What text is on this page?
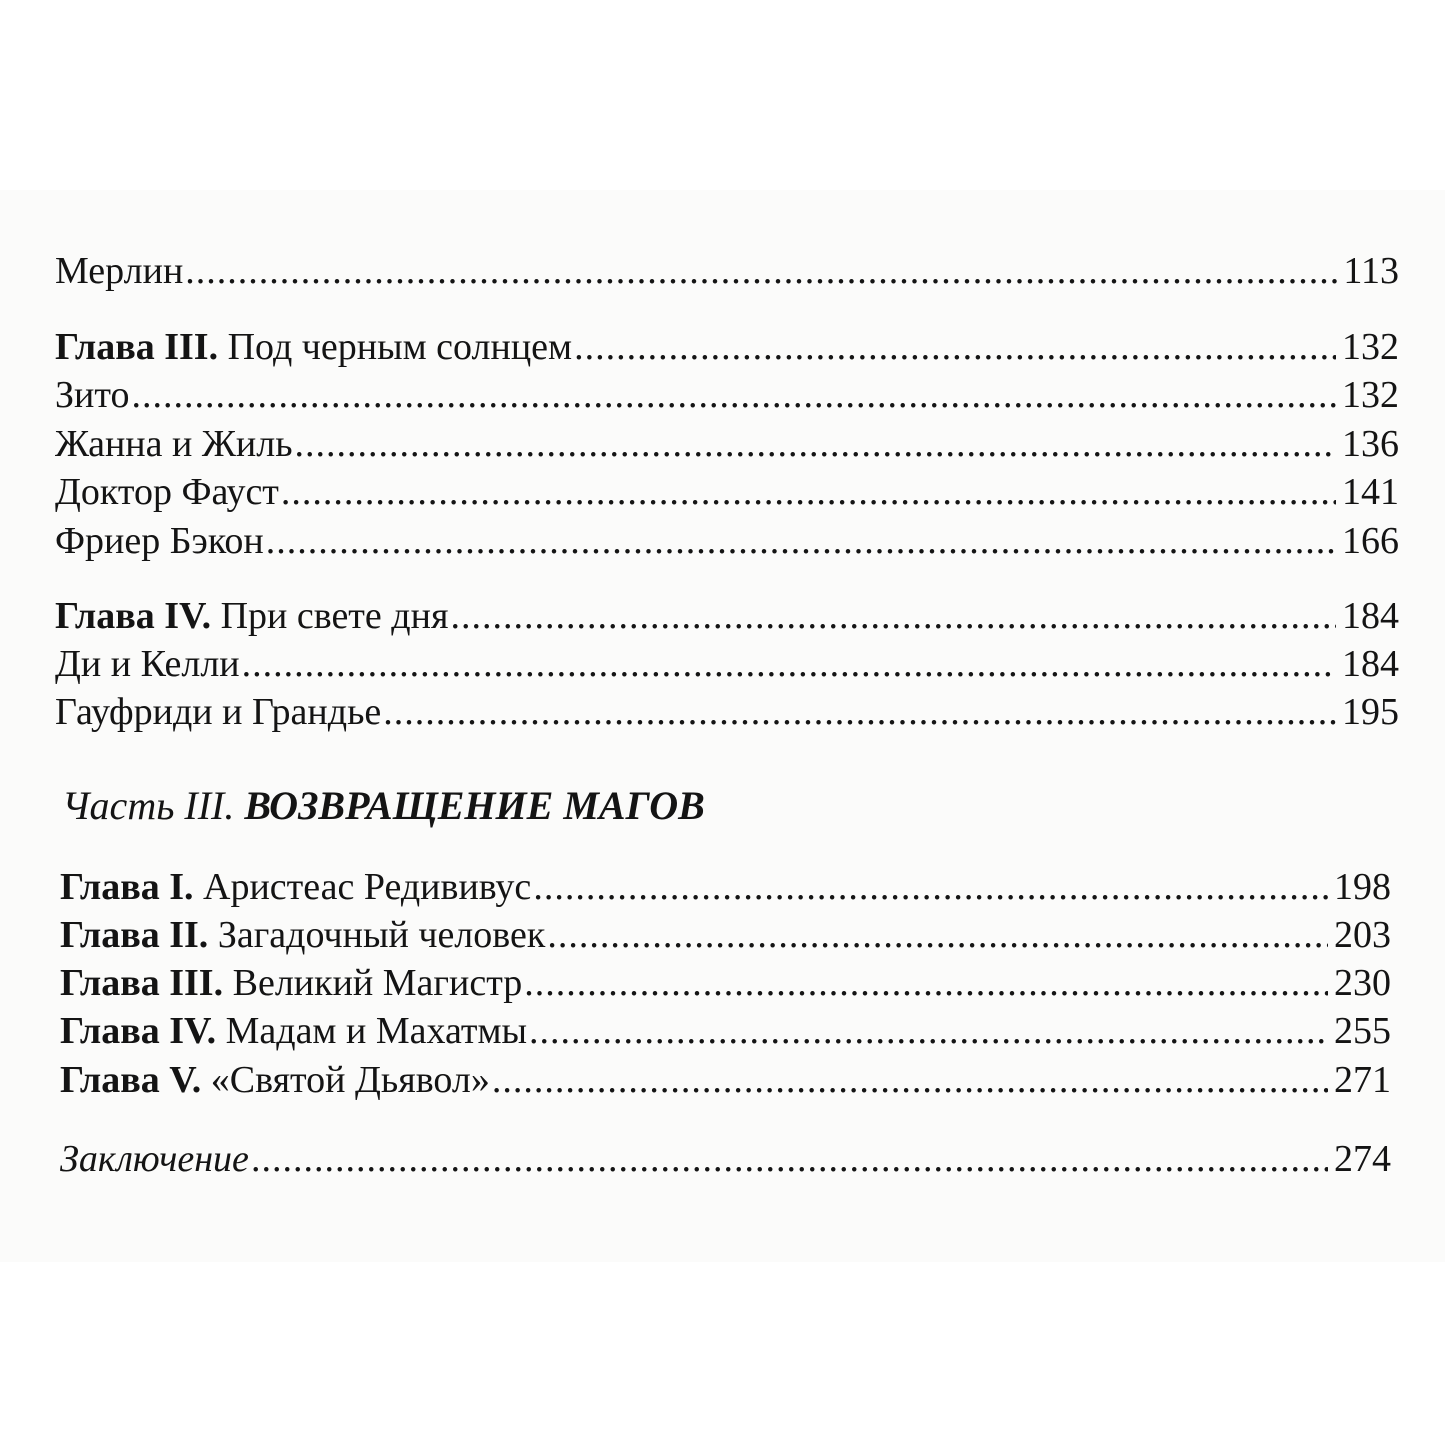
Мерлин .....	113
Глава III. Под черным солнцем .....	132
Зито .....	132
Жанна и Жиль .....	136
Доктор Фауст .....	141
Фриер Бэкон .....	166
Глава IV. При свете дня .....	184
Ди и Келли .....	184
Гауфриди и Грандье .....	195
Часть III. ВОЗВРАЩЕНИЕ МАГОВ
Глава I. Аристеас Редививус .....	198
Глава II. Загадочный человек .....	203
Глава III. Великий Магистр .....	230
Глава IV. Мадам и Махатмы .....	255
Глава V. «Святой Дьявол» .....	271
Заключение .....	274
